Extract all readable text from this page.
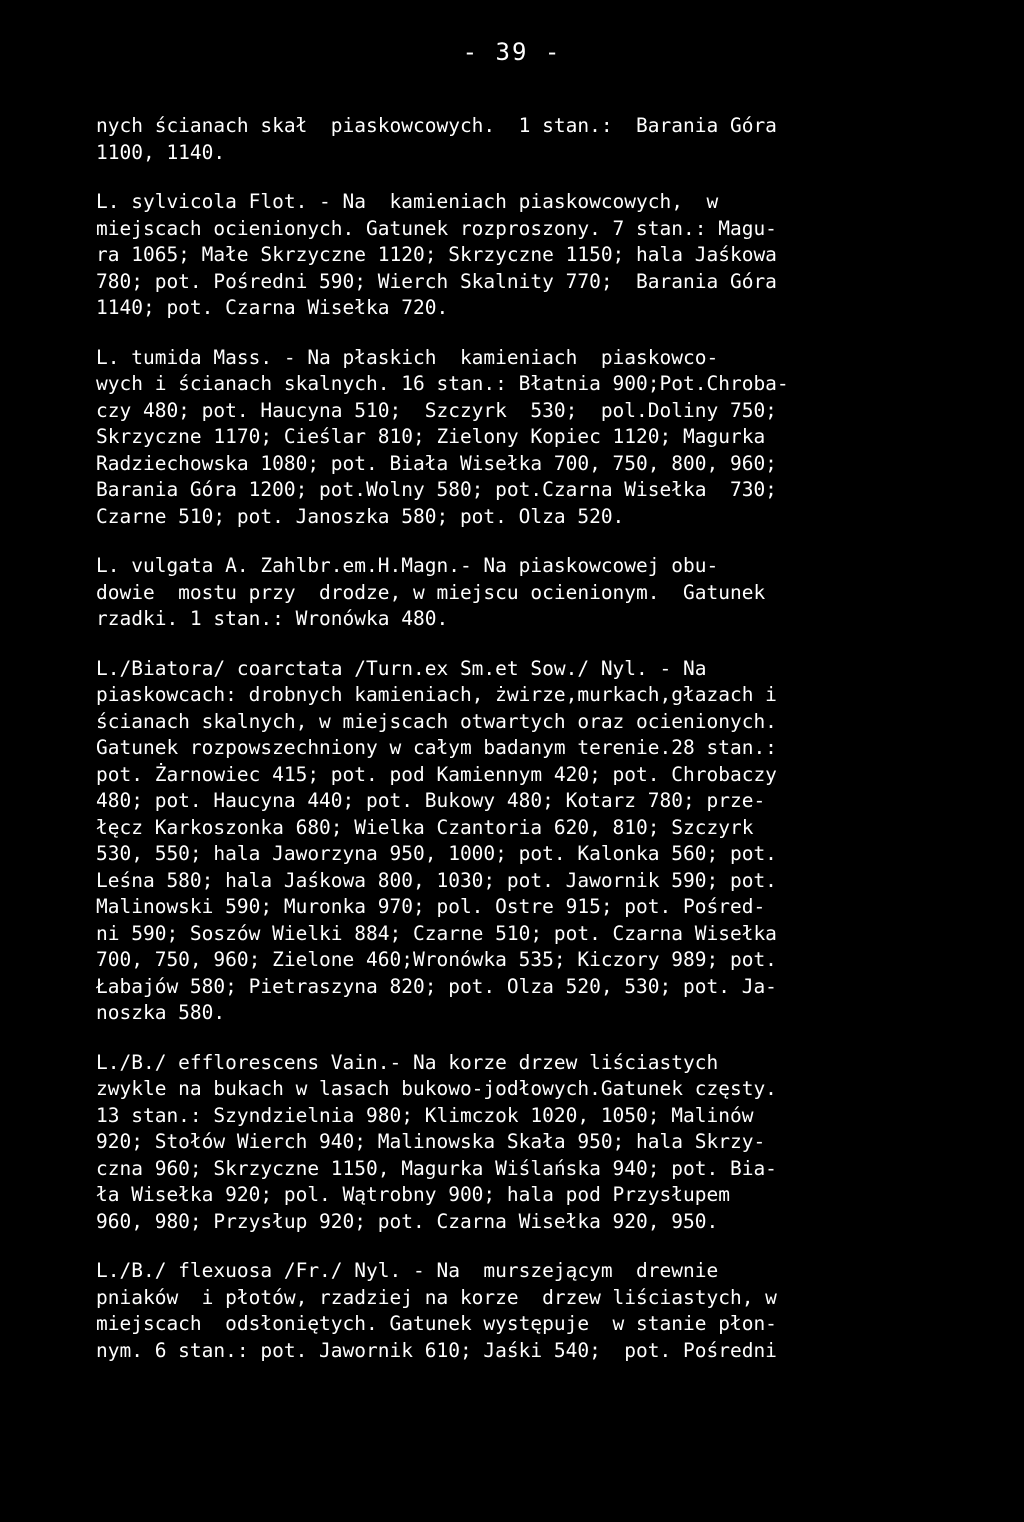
- 39 -
nych ścianach skał  piaskowcowych.  1 stan.:  Barania Góra
1100, 1140.
L. sylvicola Flot. - Na  kamieniach piaskowcowych,  w
miejscach ocienionych. Gatunek rozproszony. 7 stan.: Magu-
ra 1065; Małe Skrzyczne 1120; Skrzyczne 1150; hala Jaśkowa
780; pot. Pośredni 590; Wierch Skalnity 770;  Barania Góra
1140; pot. Czarna Wisełka 720.
L. tumida Mass. - Na płaskich  kamieniach  piaskowco-
wych i ścianach skalnych. 16 stan.: Błatnia 900;Pot.Chroba-
czy 480; pot. Haucyna 510;  Szczyrk  530;  pol.Doliny 750;
Skrzyczne 1170; Cieślar 810; Zielony Kopiec 1120; Magurka
Radziechowska 1080; pot. Biała Wisełka 700, 750, 800, 960;
Barania Góra 1200; pot.Wolny 580; pot.Czarna Wisełka  730;
Czarne 510; pot. Janoszka 580; pot. Olza 520.
L. vulgata A. Zahlbr.em.H.Magn.- Na piaskowcowej obu-
dowie  mostu przy  drodze, w miejscu ocienionym.  Gatunek
rzadki. 1 stan.: Wronówka 480.
L./Biatora/ coarctata /Turn.ex Sm.et Sow./ Nyl. - Na
piaskowcach: drobnych kamieniach, żwirze,murkach,głazach i
ścianach skalnych, w miejscach otwartych oraz ocienionych.
Gatunek rozpowszechniony w całym badanym terenie.28 stan.:
pot. Żarnowiec 415; pot. pod Kamiennym 420; pot. Chrobaczy
480; pot. Haucyna 440; pot. Bukowy 480; Kotarz 780; prze-
łęcz Karkoszonka 680; Wielka Czantoria 620, 810; Szczyrk
530, 550; hala Jaworzyna 950, 1000; pot. Kalonka 560; pot.
Leśna 580; hala Jaśkowa 800, 1030; pot. Jawornik 590; pot.
Malinowski 590; Muronka 970; pol. Ostre 915; pot. Pośred-
ni 590; Soszów Wielki 884; Czarne 510; pot. Czarna Wisełka
700, 750, 960; Zielone 460;Wronówka 535; Kiczory 989; pot.
Łabajów 580; Pietraszyna 820; pot. Olza 520, 530; pot. Ja-
noszka 580.
L./B./ efflorescens Vain.- Na korze drzew liściastych
zwykle na bukach w lasach bukowo-jodłowych.Gatunek częsty.
13 stan.: Szyndzielnia 980; Klimczok 1020, 1050; Malinów
920; Stołów Wierch 940; Malinowska Skała 950; hala Skrzy-
czna 960; Skrzyczne 1150, Magurka Wiślańska 940; pot. Bia-
ła Wisełka 920; pol. Wątrobny 900; hala pod Przysłupem
960, 980; Przysłup 920; pot. Czarna Wisełka 920, 950.
L./B./ flexuosa /Fr./ Nyl. - Na  murszejącym  drewnie
pniaków  i płotów, rzadziej na korze  drzew liściastych, w
miejscach  odsłoniętych. Gatunek występuje  w stanie płon-
nym. 6 stan.: pot. Jawornik 610; Jaśki 540;  pot. Pośredni
